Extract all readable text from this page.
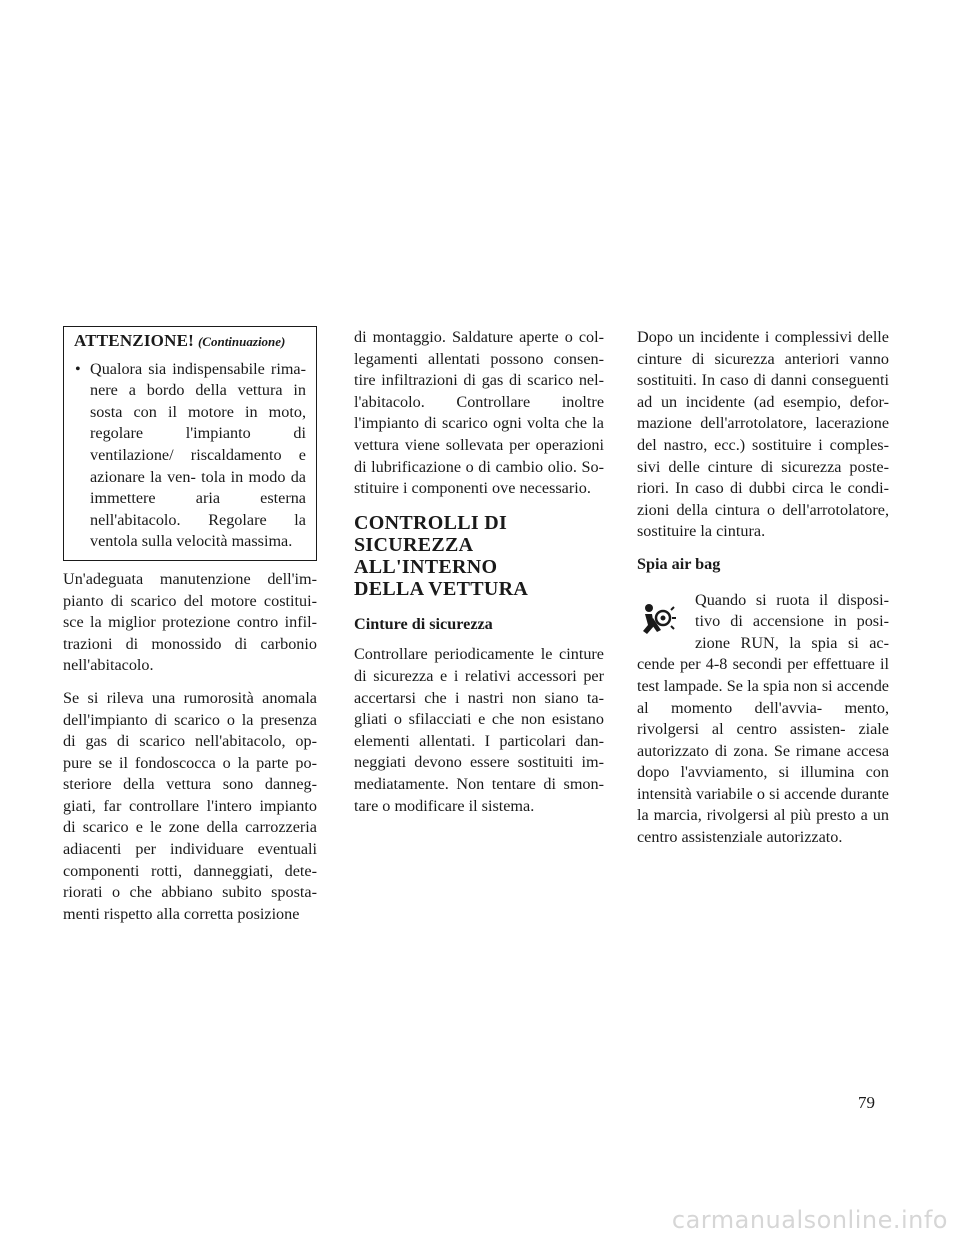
ATTENZIONE! (Continuazione)
• Qualora sia indispensabile rima- nere a bordo della vettura in sosta con il motore in moto, regolare l'impianto di ventilazione/ riscaldamento e azionare la ven- tola in modo da immettere aria esterna nell'abitacolo. Regolare la ventola sulla velocità massima.

Un'adeguata manutenzione dell'im- pianto di scarico del motore costitui- sce la miglior protezione contro infil- trazioni di monossido di carbonio nell'abitacolo.

Se si rileva una rumorosità anomala dell'impianto di scarico o la presenza di gas di scarico nell'abitacolo, op- pure se il fondoscocca o la parte po- steriore della vettura sono danneg- giati, far controllare l'intero impianto di scarico e le zone della carrozzeria adiacenti per individuare eventuali componenti rotti, danneggiati, dete- riorati o che abbiano subito sposta- menti rispetto alla corretta posizione

di montaggio. Saldature aperte o col- legamenti allentati possono consen- tire infiltrazioni di gas di scarico nel- l'abitacolo. Controllare inoltre l'impianto di scarico ogni volta che la vettura viene sollevata per operazioni di lubrificazione o di cambio olio. So- stituire i componenti ove necessario.

CONTROLLI DI
SICUREZZA ALL'INTERNO
DELLA VETTURA
Cinture di sicurezza

Controllare periodicamente le cinture di sicurezza e i relativi accessori per accertarsi che i nastri non siano ta- gliati o sfilacciati e che non esistano elementi allentati. I particolari dan- neggiati devono essere sostituiti im- mediatamente. Non tentare di smon- tare o modificare il sistema.

Dopo un incidente i complessivi delle cinture di sicurezza anteriori vanno sostituiti. In caso di danni conseguenti ad un incidente (ad esempio, defor- mazione dell'arrotolatore, lacerazione del nastro, ecc.) sostituire i comples- sivi delle cinture di sicurezza poste- riori. In caso di dubbi circa le condi- zioni della cintura o dell'arrotolatore, sostituire la cintura.

Spia air bag

Quando si ruota il disposi- tivo di accensione in posi- zione RUN, la spia si ac- cende per 4-8 secondi per effettuare il test lampade. Se la spia non si accende al momento dell'avvia- mento, rivolgersi al centro assisten- ziale autorizzato di zona. Se rimane accesa dopo l'avviamento, si illumina con intensità variabile o si accende durante la marcia, rivolgersi al più presto a un centro assistenziale autorizzato.

79
carmanualsonline.info
